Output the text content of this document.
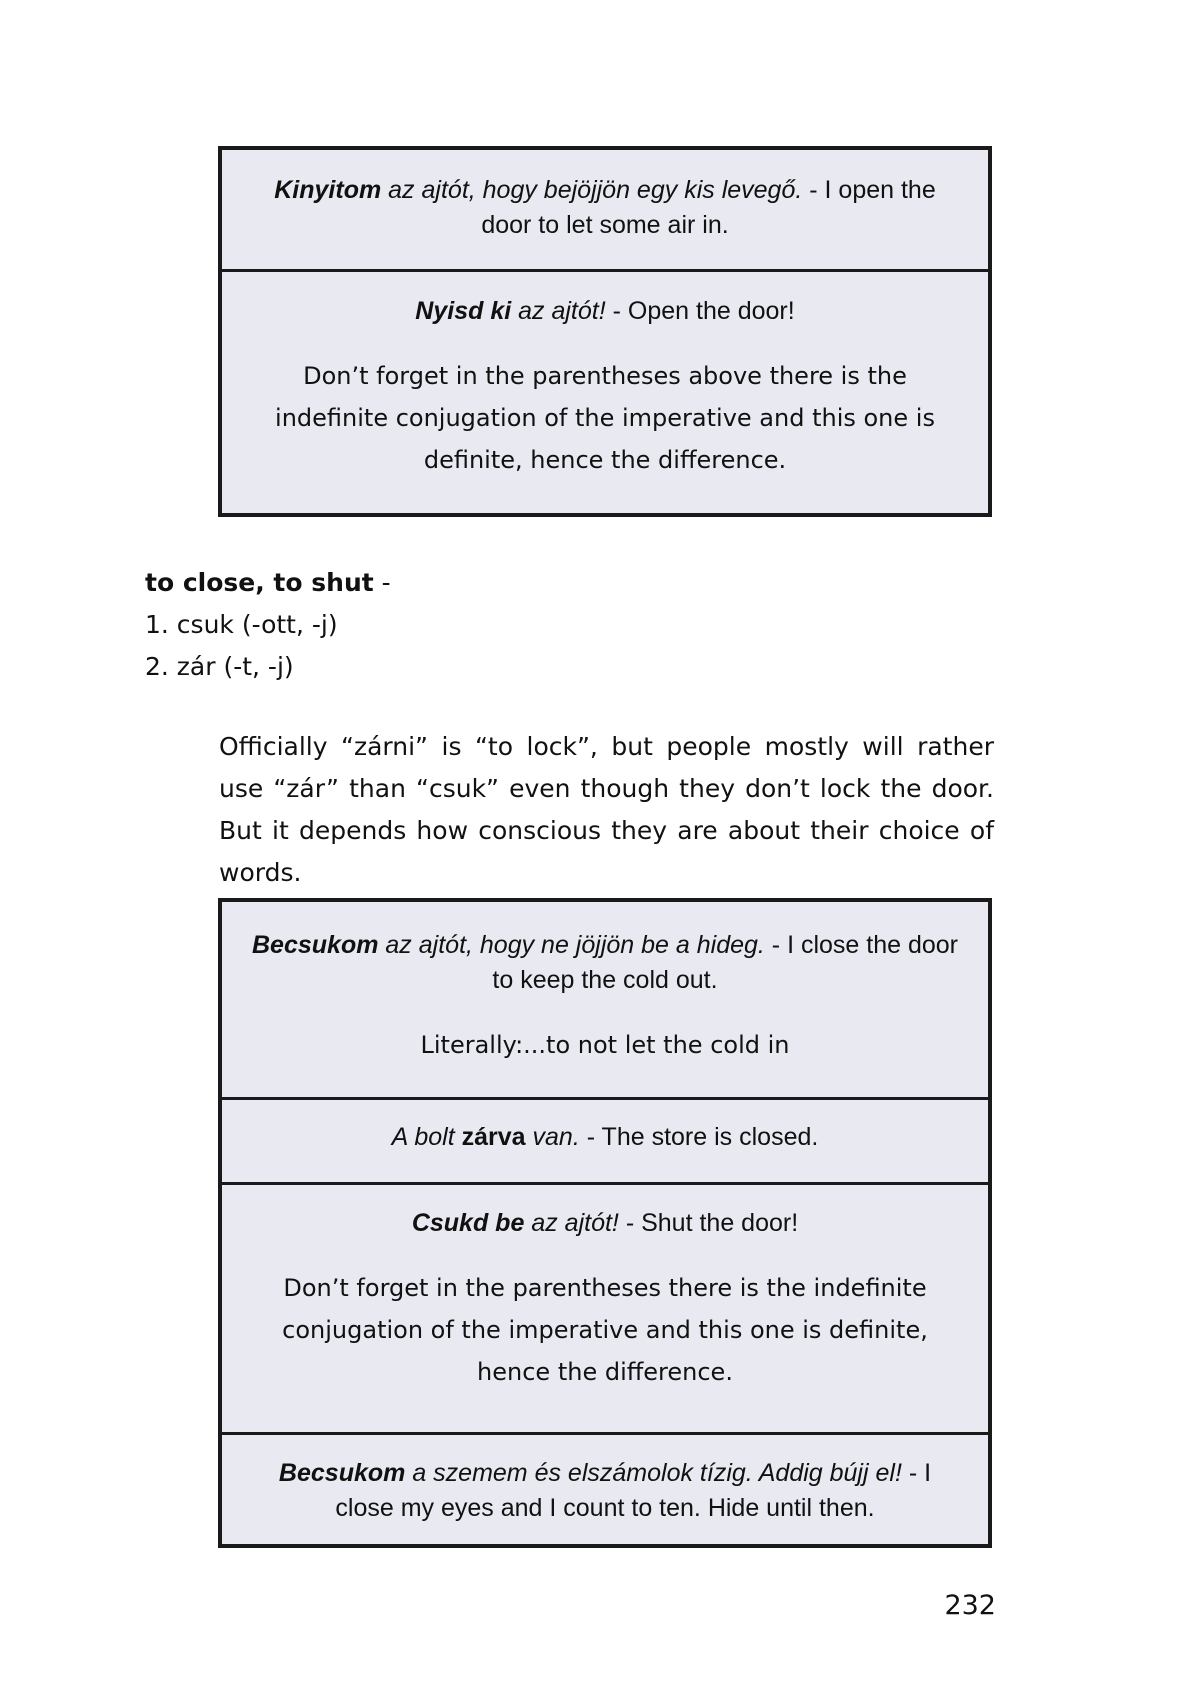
Kinyitom az ajtót, hogy bejöjjön egy kis levegő. - I open the door to let some air in.
Nyisd ki az ajtót! - Open the door!
Don’t forget in the parentheses above there is the indefinite conjugation of the imperative and this one is definite, hence the difference.
to close, to shut -
1. csuk (-ott, -j)
2. zár (-t, -j)
Officially “zárni” is “to lock”, but people mostly will rather use “zár” than “csuk” even though they don’t lock the door. But it depends how conscious they are about their choice of words.
Becsukom az ajtót, hogy ne jöjjön be a hideg. - I close the door to keep the cold out.
Literally:...to not let the cold in
A bolt zárva van. - The store is closed.
Csukd be az ajtót! - Shut the door!
Don’t forget in the parentheses there is the indefinite conjugation of the imperative and this one is definite, hence the difference.
Becsukom a szemem és elszámolok tízig. Addig bújj el! - I close my eyes and I count to ten. Hide until then.
232
